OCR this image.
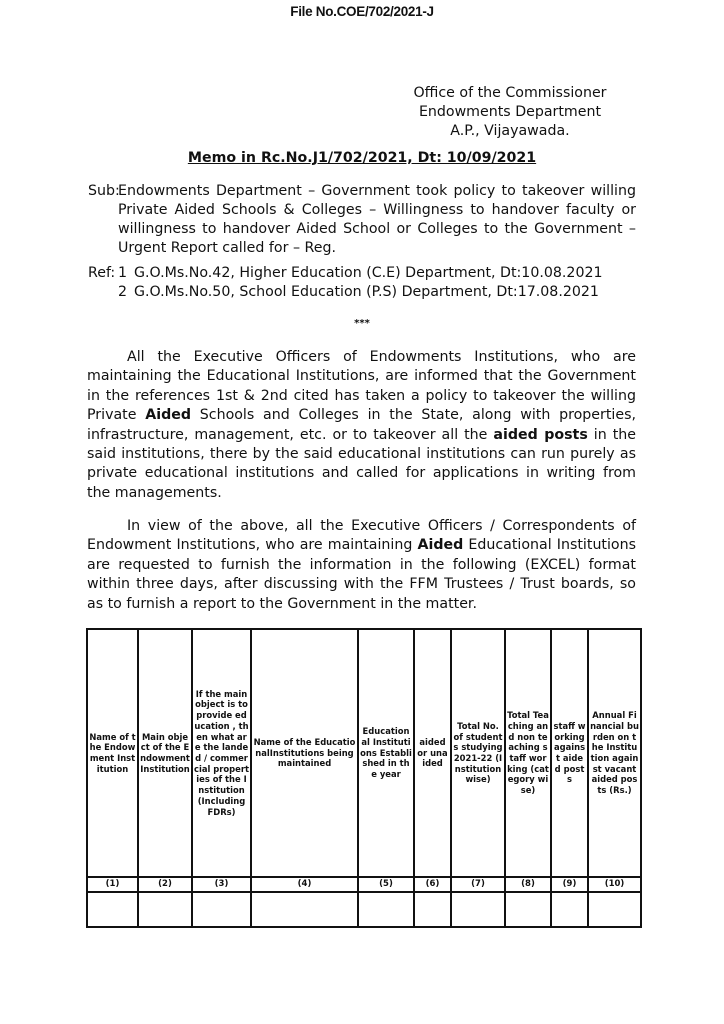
File No.COE/702/2021-J
Office of the Commissioner
Endowments Department
A.P., Vijayawada.
Memo in Rc.No.J1/702/2021, Dt: 10/09/2021
Sub:
Endowments Department – Government took policy to takeover willing Private Aided Schools & Colleges – Willingness to handover faculty or willingness to handover Aided School or Colleges to the Government – Urgent Report called for – Reg.
Ref: 1 G.O.Ms.No.42, Higher Education (C.E) Department, Dt:10.08.2021
2 G.O.Ms.No.50, School Education (P.S) Department, Dt:17.08.2021
***

All the Executive Officers of Endowments Institutions, who are maintaining the Educational Institutions, are informed that the Government in the references 1st & 2nd cited has taken a policy to takeover the willing Private Aided Schools and Colleges in the State, along with properties, infrastructure, management, etc. or to takeover all the aided posts in the said institutions, there by the said educational institutions can run purely as private educational institutions and called for applications in writing from the managements.

In view of the above, all the Executive Officers / Correspondents of Endowment Institutions, who are maintaining Aided Educational Institutions are requested to furnish the information in the following (EXCEL) format within three days, after discussing with the FFM Trustees / Trust boards, so as to furnish a report to the Government in the matter.

Name of the Endowment Institution	Main object of the Endowment Institution	If the main object is to provide education , then what are the landed / commercial properties of the Institution (Including FDRs)	Name of the EducationalInstitutions being maintained	Educational Institutions Established in the year	aided or unaided	Total No. of students studying 2021-22 (Institution wise)	Total Teaching and non teaching staff working (category wise)	staff working against aided posts	Annual Financial burden on the Institution against vacant aided posts (Rs.)
(1)	(2)	(3)	(4)	(5)	(6)	(7)	(8)	(9)	(10)
